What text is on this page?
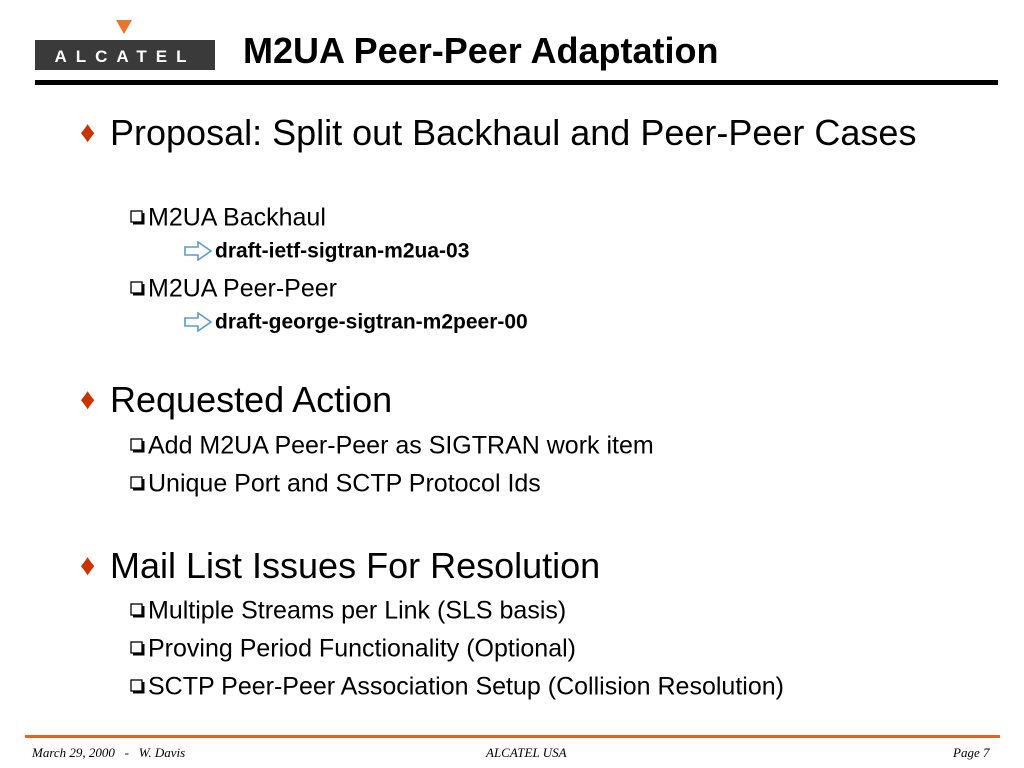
ALCATEL M2UA Peer-Peer Adaptation
♦ Proposal: Split out Backhaul and Peer-Peer Cases
M2UA Backhaul
draft-ietf-sigtran-m2ua-03
M2UA Peer-Peer
draft-george-sigtran-m2peer-00
♦ Requested Action
Add M2UA Peer-Peer as SIGTRAN work item
Unique Port and SCTP Protocol Ids
♦ Mail List Issues For Resolution
Multiple Streams per Link (SLS basis)
Proving Period Functionality (Optional)
SCTP Peer-Peer Association Setup (Collision Resolution)
March 29, 2000   -   W. Davis	ALCATEL USA	Page 7
